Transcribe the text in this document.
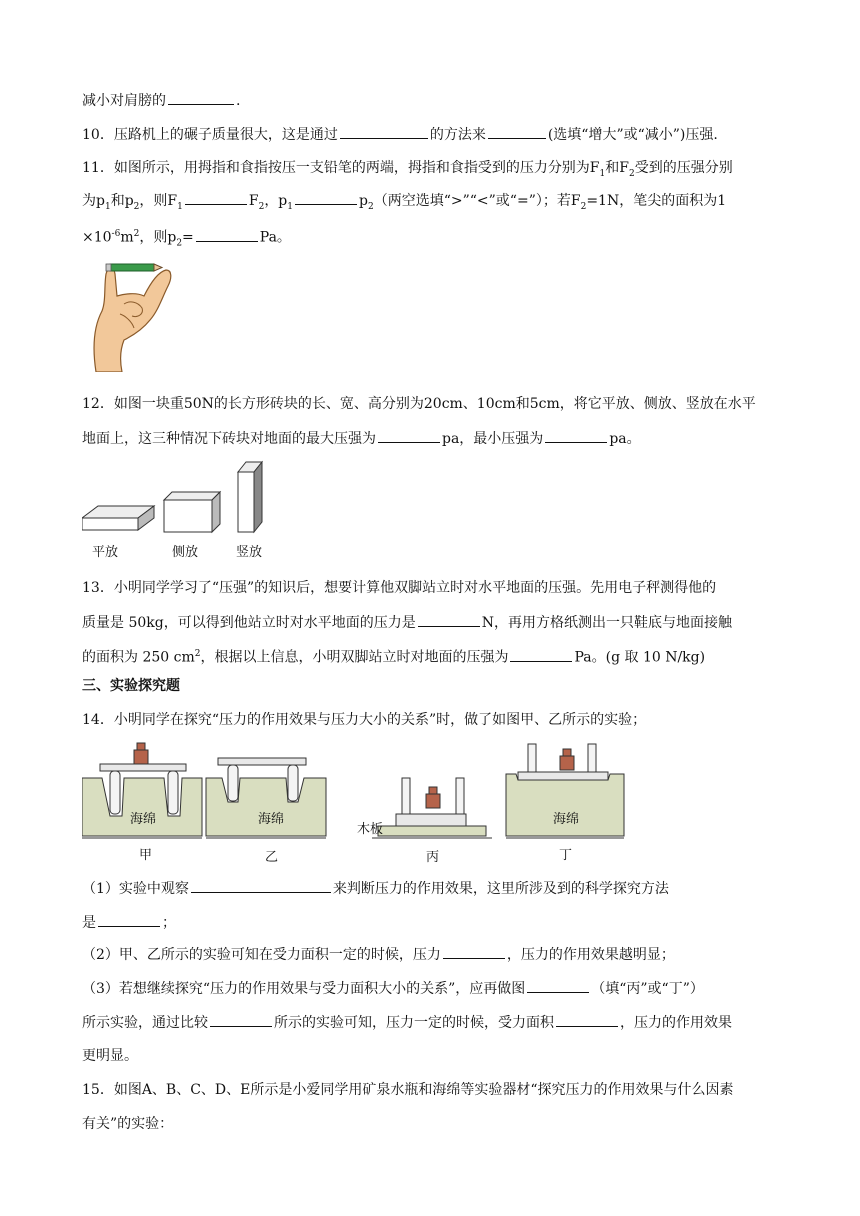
减小对肩膀的	.
10．压路机上的碾子质量很大，这是通过	的方法来	(选填“增大”或“减小”)压强.
11．如图所示，用拇指和食指按压一支铅笔的两端，拇指和食指受到的压力分别为$F_1$和$F_2$受到的压强分别
为$p_1$和$p_2$，则$F_1$	$F_2$，$p_1$	$p_2$（两空选填“>”“<”或“=”）；若$F_2=1N$，笔尖的面积为1
$\times 10^{-6}m^2$，则$p_2=$	Pa。
12．如图一块重50N的长方形砖块的长、宽、高分别为20cm、10cm和5cm，将它平放、侧放、竖放在水平
地面上，这三种情况下砖块对地面的最大压强为	pa，最小压强为	pa。
平放	侧放	竖放
13．小明同学学习了“压强”的知识后，想要计算他双脚站立时对水平地面的压强。先用电子秤测得他的
质量是 50kg，可以得到他站立时对水平地面的压力是	N，再用方格纸测出一只鞋底与地面接触
的面积为 250 $cm^2$，根据以上信息，小明双脚站立时对地面的压强为	Pa。(g 取 10 N/kg)
三、实验探究题
14．小明同学在探究“压力的作用效果与压力大小的关系”时，做了如图甲、乙所示的实验；
海绵	海绵
木板
海绵
甲	乙	丙	丁
（1）实验中观察	来判断压力的作用效果，这里所涉及到的科学探究方法
是	；
（2）甲、乙所示的实验可知在受力面积一定的时候，压力	，压力的作用效果越明显；
（3）若想继续探究“压力的作用效果与受力面积大小的关系”，应再做图	（填“丙”或“丁”）
所示实验，通过比较	所示的实验可知，压力一定的时候，受力面积	，压力的作用效果
更明显。
15．如图A、B、C、D、E所示是小爱同学用矿泉水瓶和海绵等实验器材“探究压力的作用效果与什么因素
有关”的实验：
